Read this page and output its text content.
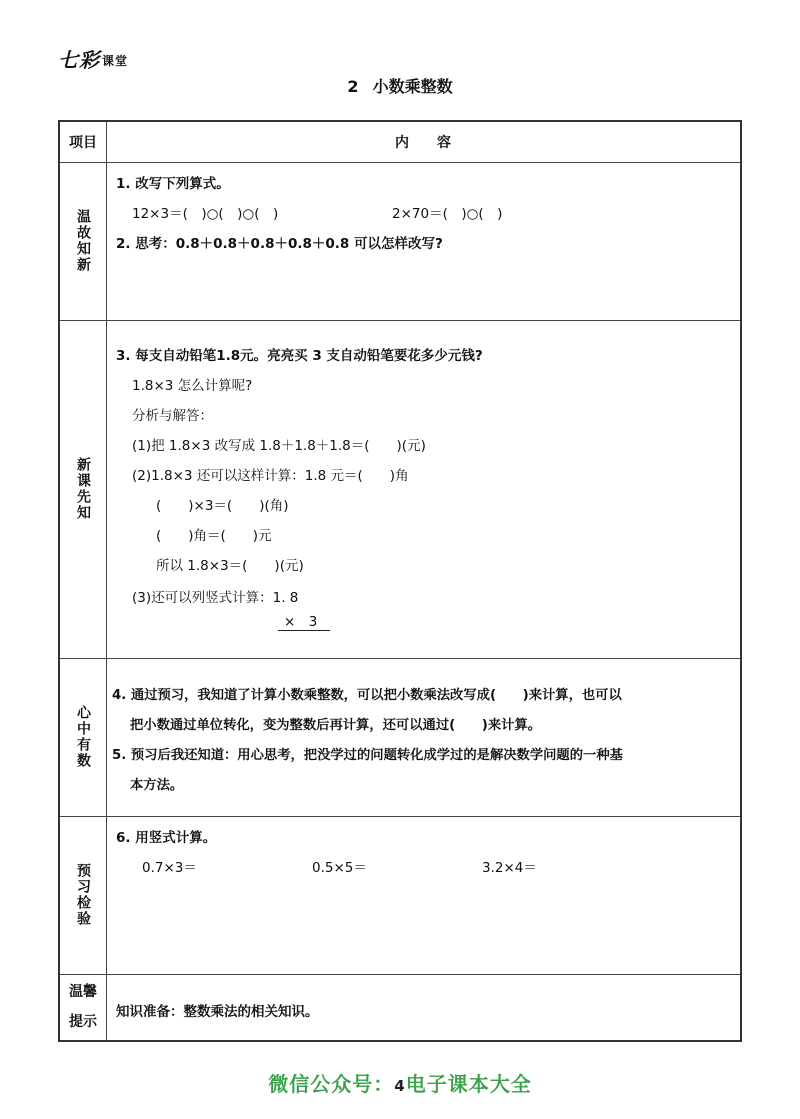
七彩 课堂
2 小数乘整数
项目	内　　容
温故知新
1. 改写下列算式。
12×3＝(　)○(　)○(　)	2×70＝(　)○(　)
2. 思考：0.8＋0.8＋0.8＋0.8＋0.8 可以怎样改写?
新课先知
3. 每支自动铅笔1.8元。亮亮买 3 支自动铅笔要花多少元钱?
1.8×3 怎么计算呢?
分析与解答：
(1)把 1.8×3 改写成 1.8＋1.8＋1.8＝(　　)(元)
(2)1.8×3 还可以这样计算：1.8 元＝(　　)角
(　　)×3＝(　　)(角)
(　　)角＝(　　)元
所以 1.8×3＝(　　)(元)
(3)还可以列竖式计算：1. 8
×　3
心中有数
4. 通过预习，我知道了计算小数乘整数，可以把小数乘法改写成(　　)来计算，也可以
把小数通过单位转化，变为整数后再计算，还可以通过(　　)来计算。
5. 预习后我还知道：用心思考，把没学过的问题转化成学过的是解决数学问题的一种基
本方法。
预习检验
6. 用竖式计算。
0.7×3＝	0.5×5＝	3.2×4＝
温馨
提示
知识准备：整数乘法的相关知识。
微信公众号：4电子课本大全
